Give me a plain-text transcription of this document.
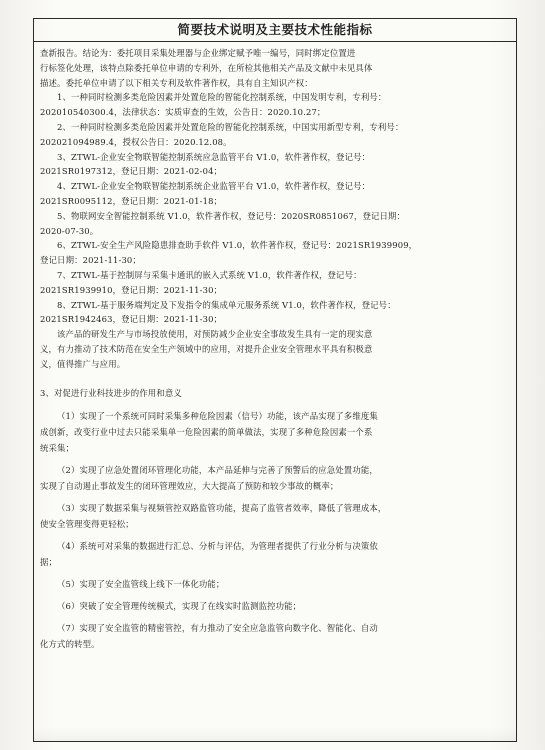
简要技术说明及主要技术性能指标
查新报告。结论为：委托项目采集处理器与企业绑定赋予唯一编号，同时绑定位置进
行标签化处理，该特点除委托单位申请的专利外，在所检其他相关产品及文献中未见具体
描述。委托单位申请了以下相关专利及软件著作权，具有自主知识产权：
1、一种同时检测多类危险因素并处置危险的智能化控制系统，中国发明专利，专利号：
202010540300.4，法律状态：实质审查的生效，公告日：2020.10.27；
2、一种同时检测多类危险因素并处置危险的智能化控制系统，中国实用新型专利，专利号：
202021094989.4，授权公告日：2020.12.08。
3、ZTWL-企业安全物联智能控制系统应急监管平台 V1.0，软件著作权，登记号：
2021SR0197312，登记日期：2021-02-04；
4、ZTWL-企业安全物联智能控制系统企业监管平台 V1.0，软件著作权，登记号：
2021SR0095112，登记日期：2021-01-18；
5、物联网安全智能控制系统 V1.0，软件著作权，登记号：2020SR0851067，登记日期：
2020-07-30。
6、ZTWL-安全生产风险隐患排查助手软件 V1.0，软件著作权，登记号：2021SR1939909，
登记日期：2021-11-30；
7、ZTWL-基于控制屏与采集卡通讯的嵌入式系统 V1.0，软件著作权，登记号：
2021SR1939910，登记日期：2021-11-30；
8、ZTWL-基于服务端判定及下发指令的集成单元服务系统 V1.0，软件著作权，登记号：
2021SR1942463，登记日期：2021-11-30；
该产品的研发生产与市场投放使用，对预防减少企业安全事故发生具有一定的现实意
义，有力推动了技术防范在安全生产领域中的应用，对提升企业安全管理水平具有积极意
义，值得推广与应用。
3、对促进行业科技进步的作用和意义
（1）实现了一个系统可同时采集多种危险因素（信号）功能，该产品实现了多维度集
成创新，改变行业中过去只能采集单一危险因素的简单做法，实现了多种危险因素一个系
统采集；
（2）实现了应急处置闭环管理化功能，本产品延伸与完善了预警后的应急处置功能，
实现了自动遏止事故发生的闭环管理效应，大大提高了预防和较少事故的概率；
（3）实现了数据采集与视频管控双路监管功能，提高了监管者效率，降低了管理成本，
使安全管理变得更轻松；
（4）系统可对采集的数据进行汇总、分析与评估，为管理者提供了行业分析与决策依
据；
（5）实现了安全监管线上线下一体化功能；
（6）突破了安全管理传统模式，实现了在线实时监测监控功能；
（7）实现了安全监管的精密管控，有力推动了安全应急监管向数字化、智能化、自动
化方式的转型。
